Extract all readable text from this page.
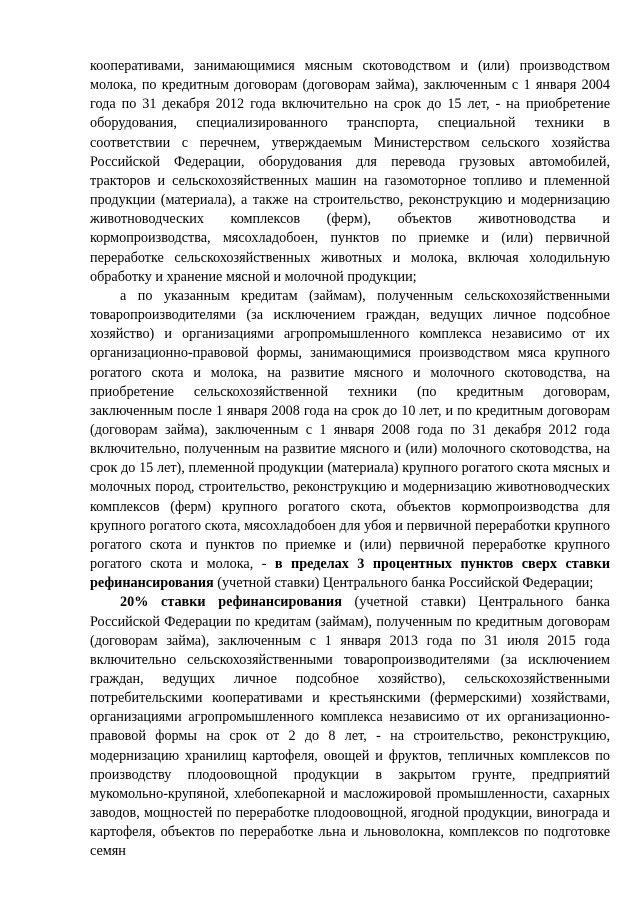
кооперативами, занимающимися мясным скотоводством и (или) производством молока, по кредитным договорам (договорам займа), заключенным с 1 января 2004 года по 31 декабря 2012 года включительно на срок до 15 лет, - на приобретение оборудования, специализированного транспорта, специальной техники в соответствии с перечнем, утверждаемым Министерством сельского хозяйства Российской Федерации, оборудования для перевода грузовых автомобилей, тракторов и сельскохозяйственных машин на газомоторное топливо и племенной продукции (материала), а также на строительство, реконструкцию и модернизацию животноводческих комплексов (ферм), объектов животноводства и кормопроизводства, мясохладобоен, пунктов по приемке и (или) первичной переработке сельскохозяйственных животных и молока, включая холодильную обработку и хранение мясной и молочной продукции;

а по указанным кредитам (займам), полученным сельскохозяйственными товаропроизводителями (за исключением граждан, ведущих личное подсобное хозяйство) и организациями агропромышленного комплекса независимо от их организационно-правовой формы, занимающимися производством мяса крупного рогатого скота и молока, на развитие мясного и молочного скотоводства, на приобретение сельскохозяйственной техники (по кредитным договорам, заключенным после 1 января 2008 года на срок до 10 лет, и по кредитным договорам (договорам займа), заключенным с 1 января 2008 года по 31 декабря 2012 года включительно, полученным на развитие мясного и (или) молочного скотоводства, на срок до 15 лет), племенной продукции (материала) крупного рогатого скота мясных и молочных пород, строительство, реконструкцию и модернизацию животноводческих комплексов (ферм) крупного рогатого скота, объектов кормопроизводства для крупного рогатого скота, мясохладобоен для убоя и первичной переработки крупного рогатого скота и пунктов по приемке и (или) первичной переработке крупного рогатого скота и молока, - в пределах 3 процентных пунктов сверх ставки рефинансирования (учетной ставки) Центрального банка Российской Федерации;

20% ставки рефинансирования (учетной ставки) Центрального банка Российской Федерации по кредитам (займам), полученным по кредитным договорам (договорам займа), заключенным с 1 января 2013 года по 31 июля 2015 года включительно сельскохозяйственными товаропроизводителями (за исключением граждан, ведущих личное подсобное хозяйство), сельскохозяйственными потребительскими кооперативами и крестьянскими (фермерскими) хозяйствами, организациями агропромышленного комплекса независимо от их организационно-правовой формы на срок от 2 до 8 лет, - на строительство, реконструкцию, модернизацию хранилищ картофеля, овощей и фруктов, тепличных комплексов по производству плодоовощной продукции в закрытом грунте, предприятий мукомольно-крупяной, хлебопекарной и масложировой промышленности, сахарных заводов, мощностей по переработке плодоовощной, ягодной продукции, винограда и картофеля, объектов по переработке льна и льноволокна, комплексов по подготовке семян
